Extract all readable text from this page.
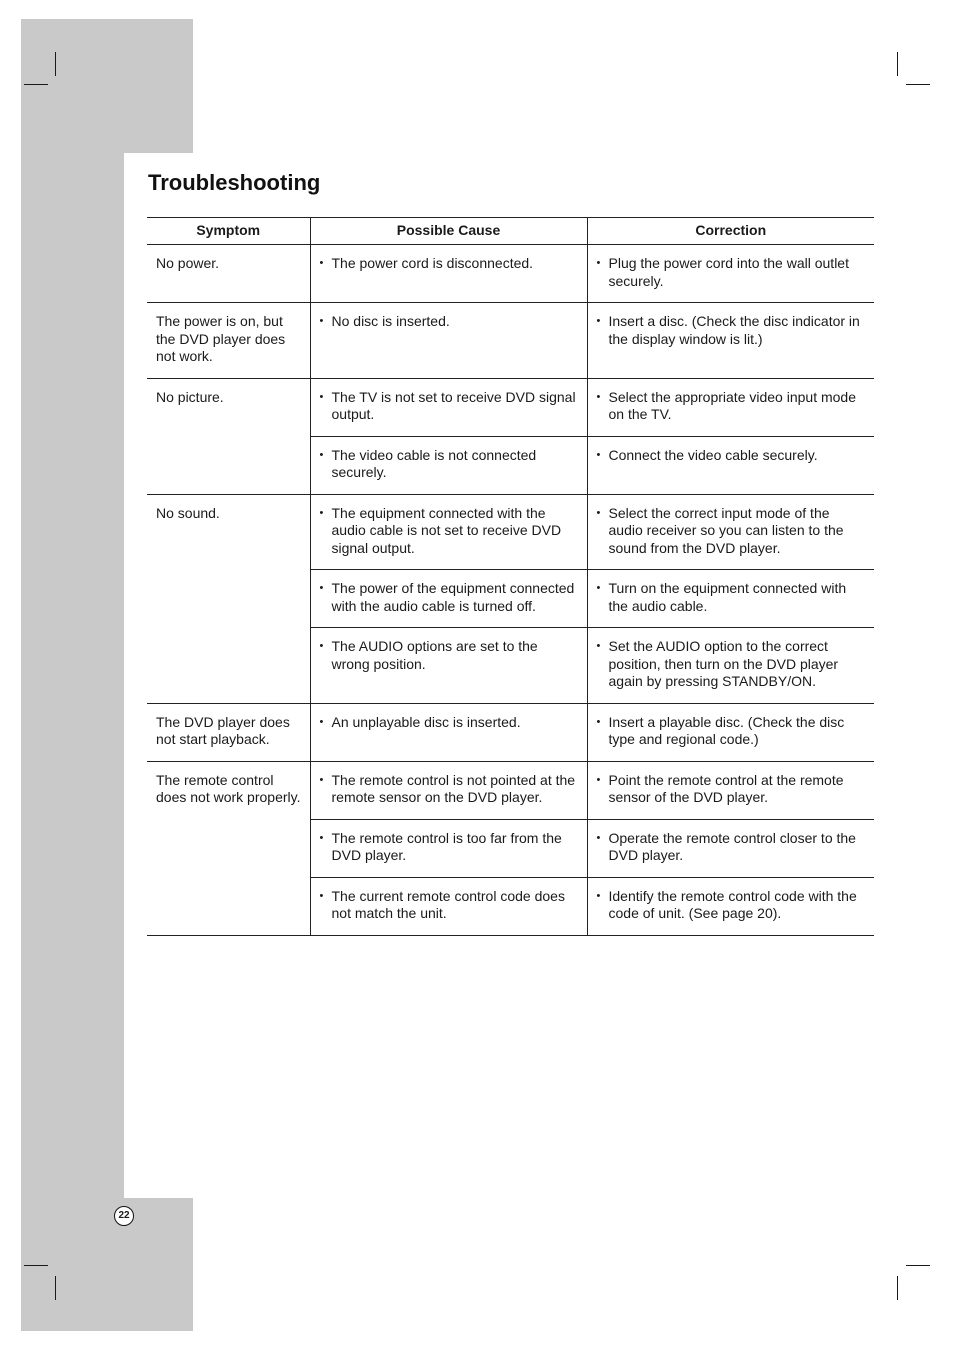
Troubleshooting
Symptom	Possible Cause	Correction
No power.	• The power cord is disconnected.	• Plug the power cord into the wall outlet securely.

The power is on, but the DVD player does not work.	• No disc is inserted.	• Insert a disc. (Check the disc indicator in the display window is lit.)

No picture.	• The TV is not set to receive DVD signal output.	• Select the appropriate video input mode on the TV.

	• The video cable is not connected securely.	• Connect the video cable securely.

No sound.	• The equipment connected with the audio cable is not set to receive DVD signal output.	• Select the correct input mode of the audio receiver so you can listen to the sound from the DVD player.

	• The power of the equipment connected with the audio cable is turned off.	• Turn on the equipment connected with the audio cable.

	• The AUDIO options are set to the wrong position.	• Set the AUDIO option to the correct position, then turn on the DVD player again by pressing STANDBY/ON.

The DVD player does not start playback.	• An unplayable disc is inserted.	• Insert a playable disc. (Check the disc type and regional code.)

The remote control does not work properly.	• The remote control is not pointed at the remote sensor on the DVD player.	• Point the remote control at the remote sensor of the DVD player.

	• The remote control is too far from the DVD player.	• Operate the remote control closer to the DVD player.

	• The current remote control code does not match the unit.	• Identify the remote control code with the code of unit. (See page 20).
22
